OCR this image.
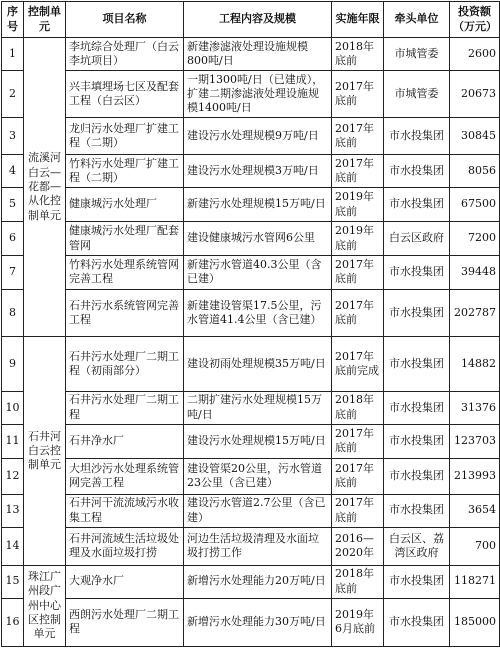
序号	控制单元	项目名称	工程内容及规模	实施年限	牵头单位	投资额（万元）
1	流溪河白云—花都—从化控制单元	李坑综合处理厂（白云李坑项目）	新建渗滤液处理设施规模800吨/日	2018年底前	市城管委	2600
2		兴丰填埋场七区及配套工程（白云区）	一期1300吨/日（已建成），扩建二期渗滤液处理设施规模1400吨/日	2017年底前	市城管委	20673
3		龙归污水处理厂扩建工程（二期）	建设污水处理规模9万吨/日	2017年底前	市水投集团	30845
4		竹料污水处理厂扩建工程（二期）	建设污水处理规模3万吨/日	2017年底前	市水投集团	8056
5		健康城污水处理厂	新建污水处理规模15万吨/日	2019年底前	市水投集团	67500
6		健康城污水处理厂配套管网	建设健康城污水管网6公里	2019年底前	白云区政府	7200
7		竹料污水处理系统管网完善工程	新建污水管道40.3公里（含已建）	2017年底前	市水投集团	39448
8		石井污水系统管网完善工程	新建建设管渠17.5公里，污水管道41.4公里（含已建）	2017年底前	市水投集团	202787
9	石井河白云控制单元	石井污水处理厂二期工程（初雨部分）	建设初雨处理规模35万吨/日	2017年底前完成	市水投集团	14882
10		石井污水处理厂二期工程	二期扩建污水处理规模15万吨/日	2018年底前	市水投集团	31376
11		石井净水厂	建设污水处理规模15万吨/日	2017年底前	市水投集团	123703
12		大坦沙污水处理系统管网完善工程	建设管渠20公里，污水管道23公里（含已建）	2017年底前	市水投集团	213993
13		石井河干流流域污水收集工程	建设污水管道2.7公里（含已建）	2017年底前	市水投集团	3654
14		石井河流域生活垃圾处理及水面垃圾打捞	河边生活垃圾清理及水面垃圾打捞工作	2016—2020年	白云区、荔湾区政府	700
15	珠江广州段广州中心区控制单元	大观净水厂	新增污水处理能力20万吨/日	2018年底前	市水投集团	118271
16		西朗污水处理厂二期工程	新增污水处理能力30万吨/日	2019年6月底前	市水投集团	185000
